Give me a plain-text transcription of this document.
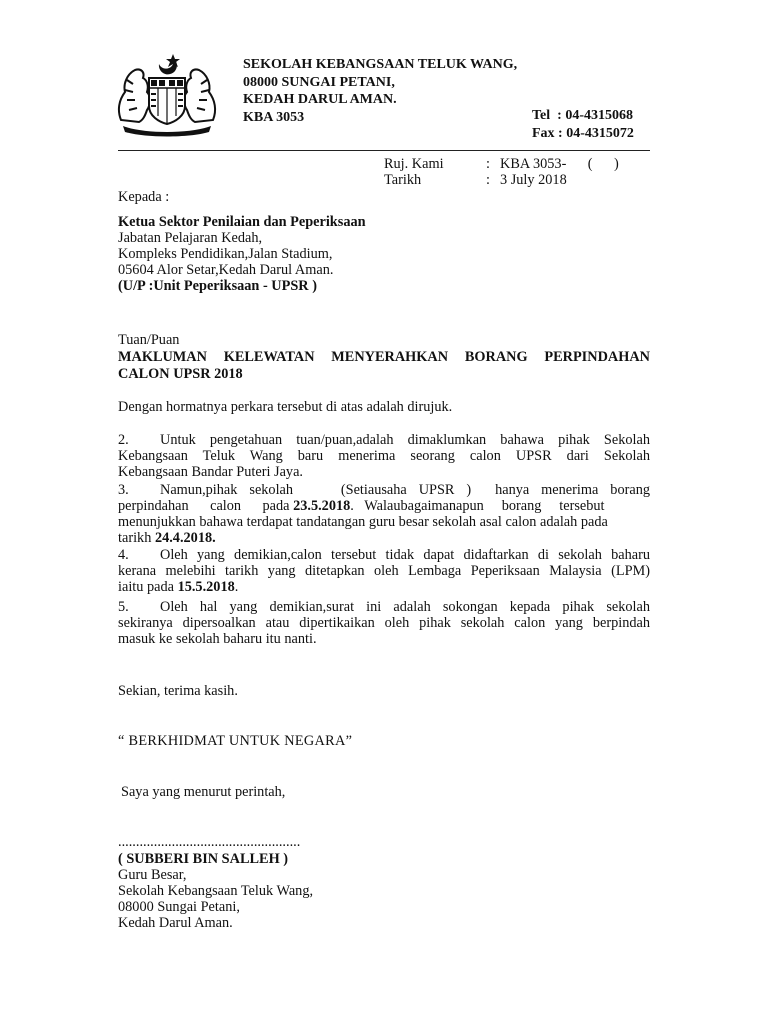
SEKOLAH KEBANGSAAN TELUK WANG,
08000 SUNGAI PETANI,
KEDAH DARUL AMAN.
KBA 3053	Tel  : 04-4315068
Fax : 04-4315072
Ruj. Kami	: KBA 3053-      (      )
Tarikh	: 3 July 2018
Kepada :
Ketua Sektor Penilaian dan Peperiksaan
Jabatan Pelajaran Kedah,
Kompleks Pendidikan,Jalan Stadium,
05604 Alor Setar,Kedah Darul Aman.
(U/P :Unit Peperiksaan - UPSR )
Tuan/Puan
MAKLUMAN KELEWATAN MENYERAHKAN BORANG PERPINDAHAN
CALON UPSR 2018
Dengan hormatnya perkara tersebut di atas adalah dirujuk.
2.	Untuk pengetahuan tuan/puan,adalah dimaklumkan bahawa pihak Sekolah
Kebangsaan Teluk Wang baru menerima seorang calon UPSR dari Sekolah
Kebangsaan Bandar Puteri Jaya.
3.	Namun,pihak sekolah    (Setiausaha UPSR )  hanya menerima borang
perpindahan      calon      pada 23.5.2018.   Walaubagaimanapun     borang     tersebut
menunjukkan bahawa terdapat tandatangan guru besar sekolah asal calon adalah pada
tarikh 24.4.2018.
4.	Oleh yang demikian,calon tersebut tidak dapat didaftarkan di sekolah baharu
kerana melebihi tarikh yang ditetapkan oleh Lembaga Peperiksaan Malaysia (LPM)
iaitu pada 15.5.2018.
5.	Oleh hal yang demikian,surat ini adalah sokongan kepada pihak sekolah
sekiranya dipersoalkan atau dipertikaikan oleh pihak sekolah calon yang berpindah
masuk ke sekolah baharu itu nanti.
Sekian, terima kasih.
“ BERKHIDMAT UNTUK NEGARA”
Saya yang menurut perintah,
...................................................
( SUBBERI BIN SALLEH )
Guru Besar,
Sekolah Kebangsaan Teluk Wang,
08000 Sungai Petani,
Kedah Darul Aman.
